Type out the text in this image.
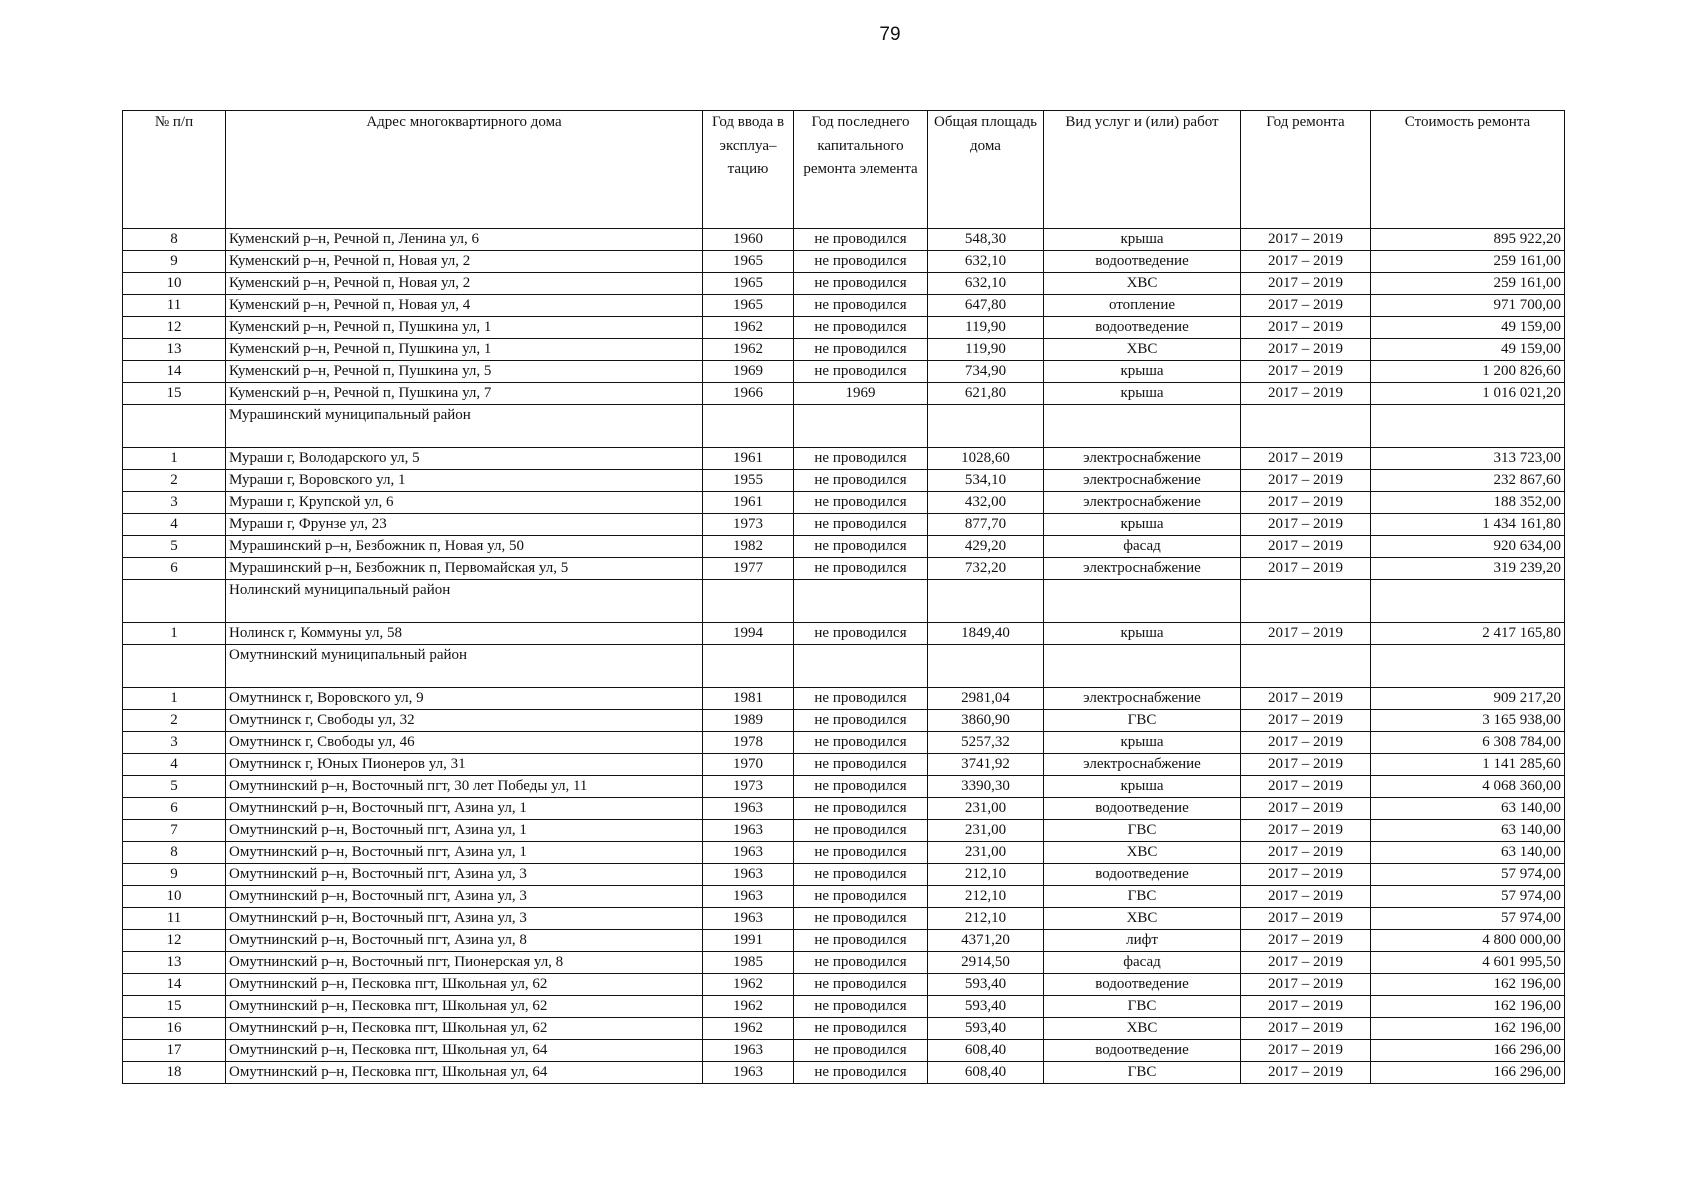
79
№ п/п	Адрес многоквартирного дома	Год ввода в эксплуа– тацию	Год последнего капитального ремонта элемента	Общая площадь дома	Вид услуг и (или) работ	Год ремонта	Стоимость ремонта
8	Куменский р–н, Речной п, Ленина ул, 6	1960	не проводился	548,30	крыша	2017 – 2019	895 922,20
9	Куменский р–н, Речной п, Новая ул, 2	1965	не проводился	632,10	водоотведение	2017 – 2019	259 161,00
10	Куменский р–н, Речной п, Новая ул, 2	1965	не проводился	632,10	ХВС	2017 – 2019	259 161,00
11	Куменский р–н, Речной п, Новая ул, 4	1965	не проводился	647,80	отопление	2017 – 2019	971 700,00
12	Куменский р–н, Речной п, Пушкина ул, 1	1962	не проводился	119,90	водоотведение	2017 – 2019	49 159,00
13	Куменский р–н, Речной п, Пушкина ул, 1	1962	не проводился	119,90	ХВС	2017 – 2019	49 159,00
14	Куменский р–н, Речной п, Пушкина ул, 5	1969	не проводился	734,90	крыша	2017 – 2019	1 200 826,60
15	Куменский р–н, Речной п, Пушкина ул, 7	1966	1969	621,80	крыша	2017 – 2019	1 016 021,20
	Мурашинский муниципальный район						
1	Мураши г, Володарского ул, 5	1961	не проводился	1028,60	электроснабжение	2017 – 2019	313 723,00
2	Мураши г, Воровского ул, 1	1955	не проводился	534,10	электроснабжение	2017 – 2019	232 867,60
3	Мураши г, Крупской ул, 6	1961	не проводился	432,00	электроснабжение	2017 – 2019	188 352,00
4	Мураши г, Фрунзе ул, 23	1973	не проводился	877,70	крыша	2017 – 2019	1 434 161,80
5	Мурашинский р–н, Безбожник п, Новая ул, 50	1982	не проводился	429,20	фасад	2017 – 2019	920 634,00
6	Мурашинский р–н, Безбожник п, Первомайская ул, 5	1977	не проводился	732,20	электроснабжение	2017 – 2019	319 239,20
	Нолинский муниципальный район						
1	Нолинск г, Коммуны ул, 58	1994	не проводился	1849,40	крыша	2017 – 2019	2 417 165,80
	Омутнинский муниципальный район						
1	Омутнинск г, Воровского ул, 9	1981	не проводился	2981,04	электроснабжение	2017 – 2019	909 217,20
2	Омутнинск г, Свободы ул, 32	1989	не проводился	3860,90	ГВС	2017 – 2019	3 165 938,00
3	Омутнинск г, Свободы ул, 46	1978	не проводился	5257,32	крыша	2017 – 2019	6 308 784,00
4	Омутнинск г, Юных Пионеров ул, 31	1970	не проводился	3741,92	электроснабжение	2017 – 2019	1 141 285,60
5	Омутнинский р–н, Восточный пгт, 30 лет Победы ул, 11	1973	не проводился	3390,30	крыша	2017 – 2019	4 068 360,00
6	Омутнинский р–н, Восточный пгт, Азина ул, 1	1963	не проводился	231,00	водоотведение	2017 – 2019	63 140,00
7	Омутнинский р–н, Восточный пгт, Азина ул, 1	1963	не проводился	231,00	ГВС	2017 – 2019	63 140,00
8	Омутнинский р–н, Восточный пгт, Азина ул, 1	1963	не проводился	231,00	ХВС	2017 – 2019	63 140,00
9	Омутнинский р–н, Восточный пгт, Азина ул, 3	1963	не проводился	212,10	водоотведение	2017 – 2019	57 974,00
10	Омутнинский р–н, Восточный пгт, Азина ул, 3	1963	не проводился	212,10	ГВС	2017 – 2019	57 974,00
11	Омутнинский р–н, Восточный пгт, Азина ул, 3	1963	не проводился	212,10	ХВС	2017 – 2019	57 974,00
12	Омутнинский р–н, Восточный пгт, Азина ул, 8	1991	не проводился	4371,20	лифт	2017 – 2019	4 800 000,00
13	Омутнинский р–н, Восточный пгт, Пионерская ул, 8	1985	не проводился	2914,50	фасад	2017 – 2019	4 601 995,50
14	Омутнинский р–н, Песковка пгт, Школьная ул, 62	1962	не проводился	593,40	водоотведение	2017 – 2019	162 196,00
15	Омутнинский р–н, Песковка пгт, Школьная ул, 62	1962	не проводился	593,40	ГВС	2017 – 2019	162 196,00
16	Омутнинский р–н, Песковка пгт, Школьная ул, 62	1962	не проводился	593,40	ХВС	2017 – 2019	162 196,00
17	Омутнинский р–н, Песковка пгт, Школьная ул, 64	1963	не проводился	608,40	водоотведение	2017 – 2019	166 296,00
18	Омутнинский р–н, Песковка пгт, Школьная ул, 64	1963	не проводился	608,40	ГВС	2017 – 2019	166 296,00
